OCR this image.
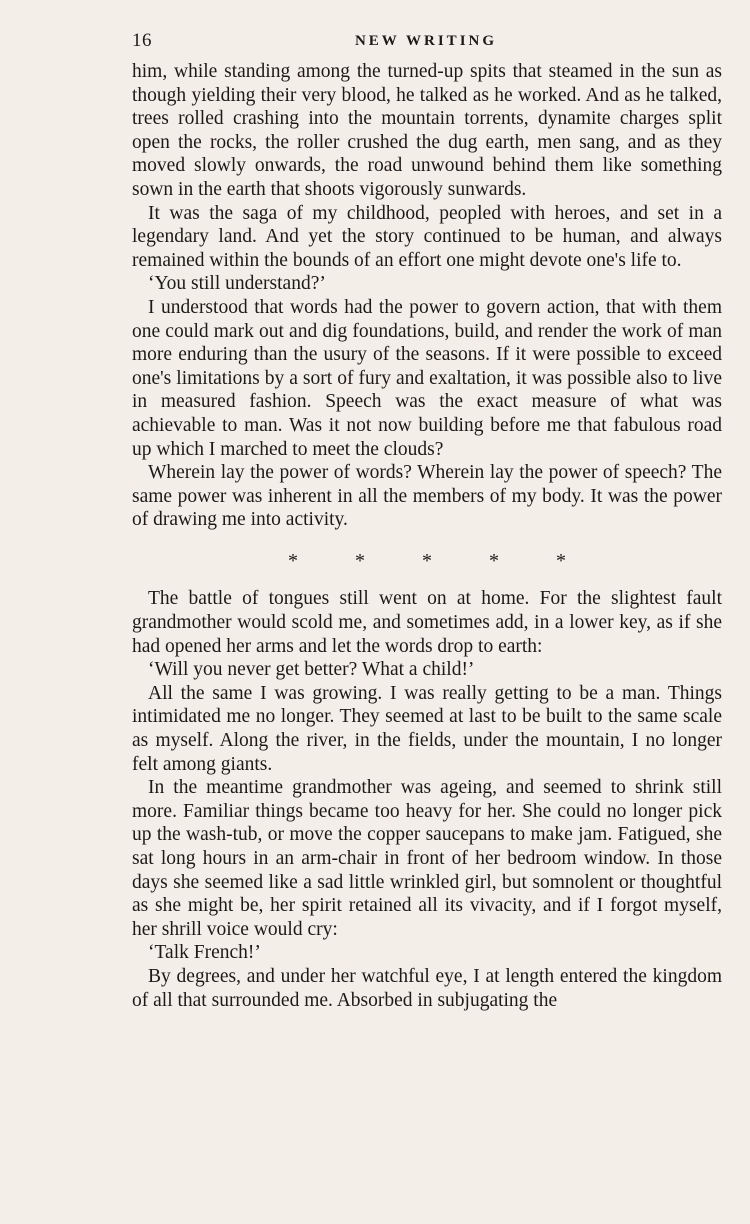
16	NEW WRITING

him, while standing among the turned-up spits that steamed in the sun as though yielding their very blood, he talked as he worked. And as he talked, trees rolled crashing into the mountain torrents, dynamite charges split open the rocks, the roller crushed the dug earth, men sang, and as they moved slowly onwards, the road unwound behind them like something sown in the earth that shoots vigorously sunwards.

It was the saga of my childhood, peopled with heroes, and set in a legendary land. And yet the story continued to be human, and always remained within the bounds of an effort one might devote one's life to.

‘You still understand?’

I understood that words had the power to govern action, that with them one could mark out and dig foundations, build, and render the work of man more enduring than the usury of the seasons. If it were possible to exceed one's limitations by a sort of fury and exaltation, it was possible also to live in measured fashion. Speech was the exact measure of what was achievable to man. Was it not now building before me that fabulous road up which I marched to meet the clouds?

Wherein lay the power of words? Wherein lay the power of speech? The same power was inherent in all the members of my body. It was the power of drawing me into activity.

*	*	*	*	*

The battle of tongues still went on at home. For the slightest fault grandmother would scold me, and sometimes add, in a lower key, as if she had opened her arms and let the words drop to earth:

‘Will you never get better? What a child!’

All the same I was growing. I was really getting to be a man. Things intimidated me no longer. They seemed at last to be built to the same scale as myself. Along the river, in the fields, under the mountain, I no longer felt among giants.

In the meantime grandmother was ageing, and seemed to shrink still more. Familiar things became too heavy for her. She could no longer pick up the wash-tub, or move the copper saucepans to make jam. Fatigued, she sat long hours in an arm-chair in front of her bedroom window. In those days she seemed like a sad little wrinkled girl, but somnolent or thoughtful as she might be, her spirit retained all its vivacity, and if I forgot myself, her shrill voice would cry:

‘Talk French!’

By degrees, and under her watchful eye, I at length entered the kingdom of all that surrounded me. Absorbed in subjugating the
